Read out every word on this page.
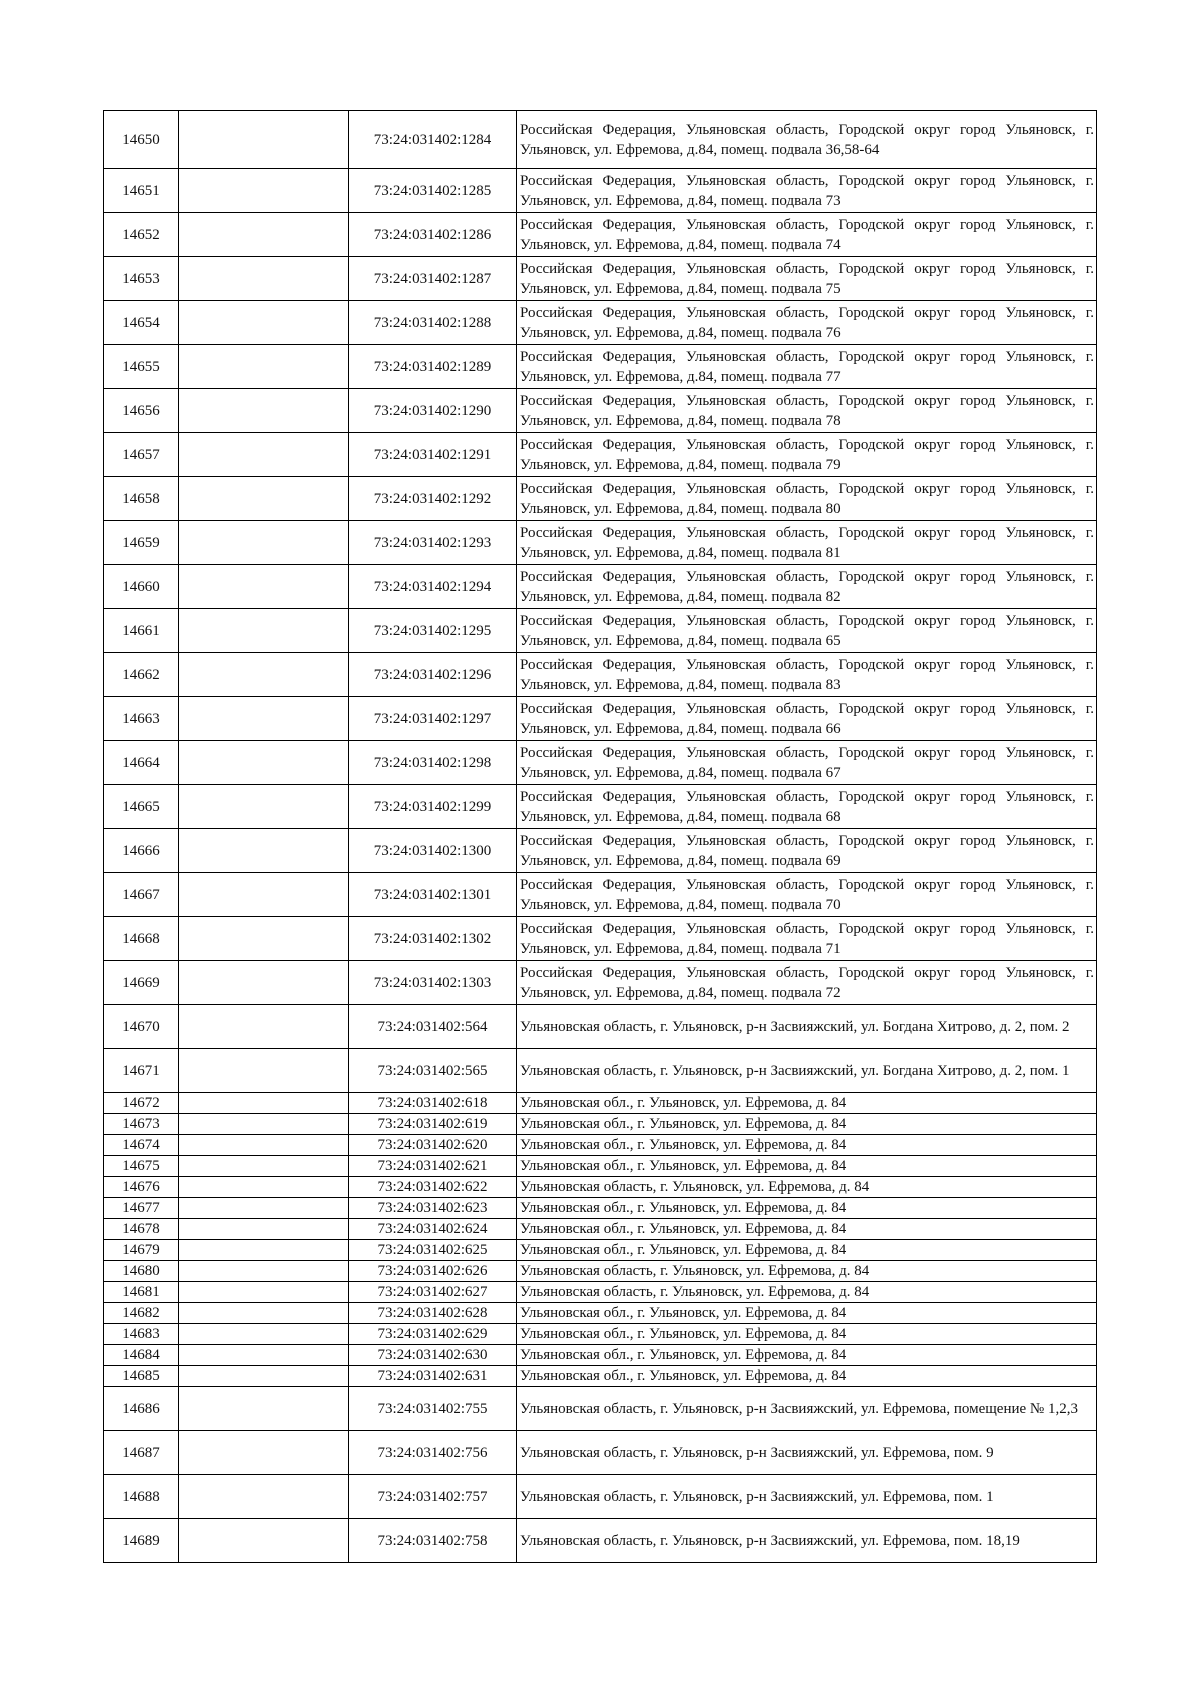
14650		73:24:031402:1284	Российская Федерация, Ульяновская область, Городской округ город Ульяновск, г. Ульяновск, ул. Ефремова, д.84, помещ. подвала 36,58-64
14651		73:24:031402:1285	Российская Федерация, Ульяновская область, Городской округ город Ульяновск, г. Ульяновск, ул. Ефремова, д.84, помещ. подвала 73
14652		73:24:031402:1286	Российская Федерация, Ульяновская область, Городской округ город Ульяновск, г. Ульяновск, ул. Ефремова, д.84, помещ. подвала 74
14653		73:24:031402:1287	Российская Федерация, Ульяновская область, Городской округ город Ульяновск, г. Ульяновск, ул. Ефремова, д.84, помещ. подвала 75
14654		73:24:031402:1288	Российская Федерация, Ульяновская область, Городской округ город Ульяновск, г. Ульяновск, ул. Ефремова, д.84, помещ. подвала 76
14655		73:24:031402:1289	Российская Федерация, Ульяновская область, Городской округ город Ульяновск, г. Ульяновск, ул. Ефремова, д.84, помещ. подвала 77
14656		73:24:031402:1290	Российская Федерация, Ульяновская область, Городской округ город Ульяновск, г. Ульяновск, ул. Ефремова, д.84, помещ. подвала 78
14657		73:24:031402:1291	Российская Федерация, Ульяновская область, Городской округ город Ульяновск, г. Ульяновск, ул. Ефремова, д.84, помещ. подвала 79
14658		73:24:031402:1292	Российская Федерация, Ульяновская область, Городской округ город Ульяновск, г. Ульяновск, ул. Ефремова, д.84, помещ. подвала 80
14659		73:24:031402:1293	Российская Федерация, Ульяновская область, Городской округ город Ульяновск, г. Ульяновск, ул. Ефремова, д.84, помещ. подвала 81
14660		73:24:031402:1294	Российская Федерация, Ульяновская область, Городской округ город Ульяновск, г. Ульяновск, ул. Ефремова, д.84, помещ. подвала 82
14661		73:24:031402:1295	Российская Федерация, Ульяновская область, Городской округ город Ульяновск, г. Ульяновск, ул. Ефремова, д.84, помещ. подвала 65
14662		73:24:031402:1296	Российская Федерация, Ульяновская область, Городской округ город Ульяновск, г. Ульяновск, ул. Ефремова, д.84, помещ. подвала 83
14663		73:24:031402:1297	Российская Федерация, Ульяновская область, Городской округ город Ульяновск, г. Ульяновск, ул. Ефремова, д.84, помещ. подвала 66
14664		73:24:031402:1298	Российская Федерация, Ульяновская область, Городской округ город Ульяновск, г. Ульяновск, ул. Ефремова, д.84, помещ. подвала 67
14665		73:24:031402:1299	Российская Федерация, Ульяновская область, Городской округ город Ульяновск, г. Ульяновск, ул. Ефремова, д.84, помещ. подвала 68
14666		73:24:031402:1300	Российская Федерация, Ульяновская область, Городской округ город Ульяновск, г. Ульяновск, ул. Ефремова, д.84, помещ. подвала 69
14667		73:24:031402:1301	Российская Федерация, Ульяновская область, Городской округ город Ульяновск, г. Ульяновск, ул. Ефремова, д.84, помещ. подвала 70
14668		73:24:031402:1302	Российская Федерация, Ульяновская область, Городской округ город Ульяновск, г. Ульяновск, ул. Ефремова, д.84, помещ. подвала 71
14669		73:24:031402:1303	Российская Федерация, Ульяновская область, Городской округ город Ульяновск, г. Ульяновск, ул. Ефремова, д.84, помещ. подвала 72
14670		73:24:031402:564	Ульяновская область, г. Ульяновск, р-н Засвияжский, ул. Богдана Хитрово, д. 2, пом. 2
14671		73:24:031402:565	Ульяновская область, г. Ульяновск, р-н Засвияжский, ул. Богдана Хитрово, д. 2, пом. 1
14672		73:24:031402:618	Ульяновская обл., г. Ульяновск, ул. Ефремова, д. 84
14673		73:24:031402:619	Ульяновская обл., г. Ульяновск, ул. Ефремова, д. 84
14674		73:24:031402:620	Ульяновская обл., г. Ульяновск, ул. Ефремова, д. 84
14675		73:24:031402:621	Ульяновская обл., г. Ульяновск, ул. Ефремова, д. 84
14676		73:24:031402:622	Ульяновская область, г. Ульяновск, ул. Ефремова, д. 84
14677		73:24:031402:623	Ульяновская обл., г. Ульяновск, ул. Ефремова, д. 84
14678		73:24:031402:624	Ульяновская обл., г. Ульяновск, ул. Ефремова, д. 84
14679		73:24:031402:625	Ульяновская обл., г. Ульяновск, ул. Ефремова, д. 84
14680		73:24:031402:626	Ульяновская область, г. Ульяновск, ул. Ефремова, д. 84
14681		73:24:031402:627	Ульяновская область, г. Ульяновск, ул. Ефремова, д. 84
14682		73:24:031402:628	Ульяновская обл., г. Ульяновск, ул. Ефремова, д. 84
14683		73:24:031402:629	Ульяновская обл., г. Ульяновск, ул. Ефремова, д. 84
14684		73:24:031402:630	Ульяновская обл., г. Ульяновск, ул. Ефремова, д. 84
14685		73:24:031402:631	Ульяновская обл., г. Ульяновск, ул. Ефремова, д. 84
14686		73:24:031402:755	Ульяновская область, г. Ульяновск, р-н Засвияжский, ул. Ефремова, помещение № 1,2,3
14687		73:24:031402:756	Ульяновская область, г. Ульяновск, р-н Засвияжский, ул. Ефремова, пом. 9
14688		73:24:031402:757	Ульяновская область, г. Ульяновск, р-н Засвияжский, ул. Ефремова, пом. 1
14689		73:24:031402:758	Ульяновская область, г. Ульяновск, р-н Засвияжский, ул. Ефремова, пом. 18,19
